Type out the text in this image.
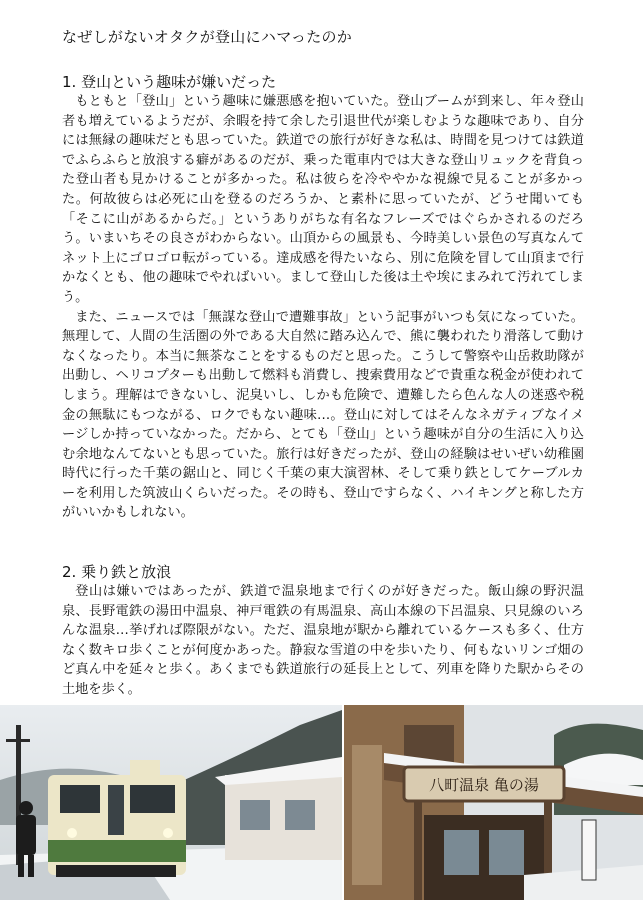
なぜしがないオタクが登山にハマったのか
1. 登山という趣味が嫌いだった

もともと「登山」という趣味に嫌悪感を抱いていた。登山ブームが到来し、年々登山者も増えているようだが、余暇を持て余した引退世代が楽しむような趣味であり、自分には無縁の趣味だとも思っていた。鉄道での旅行が好きな私は、時間を見つけては鉄道でふらふらと放浪する癖があるのだが、乗った電車内では大きな登山リュックを背負った登山者も見かけることが多かった。私は彼らを冷ややかな視線で見ることが多かった。何故彼らは必死に山を登るのだろうか、と素朴に思っていたが、どうせ聞いても「そこに山があるからだ。」というありがちな有名なフレーズではぐらかされるのだろう。いまいちその良さがわからない。山頂からの風景も、今時美しい景色の写真なんてネット上にゴロゴロ転がっている。達成感を得たいなら、別に危険を冒して山頂まで行かなくとも、他の趣味でやればいい。まして登山した後は土や埃にまみれて汚れてしまう。

また、ニュースでは「無謀な登山で遭難事故」という記事がいつも気になっていた。無理して、人間の生活圏の外である大自然に踏み込んで、熊に襲われたり滑落して動けなくなったり。本当に無茶なことをするものだと思った。こうして警察や山岳救助隊が出動し、ヘリコプターも出動して燃料も消費し、捜索費用などで貴重な税金が使われてしまう。理解はできないし、泥臭いし、しかも危険で、遭難したら色んな人の迷惑や税金の無駄にもつながる、ロクでもない趣味…。登山に対してはそんなネガティブなイメージしか持っていなかった。だから、とても「登山」という趣味が自分の生活に入り込む余地なんてないとも思っていた。旅行は好きだったが、登山の経験はせいぜい幼稚園時代に行った千葉の鋸山と、同じく千葉の東大演習林、そして乗り鉄としてケーブルカーを利用した筑波山くらいだった。その時も、登山ですらなく、ハイキングと称した方がいいかもしれない。

2. 乗り鉄と放浪

登山は嫌いではあったが、鉄道で温泉地まで行くのが好きだった。飯山線の野沢温泉、長野電鉄の湯田中温泉、神戸電鉄の有馬温泉、高山本線の下呂温泉、只見線のいろんな温泉…挙げれば際限がない。ただ、温泉地が駅から離れているケースも多く、仕方なく数キロ歩くことが何度かあった。静寂な雪道の中を歩いたり、何もないリンゴ畑のど真ん中を延々と歩く。あくまでも鉄道旅行の延長上として、列車を降りた駅からその土地を歩く。

八町温泉 亀の湯
